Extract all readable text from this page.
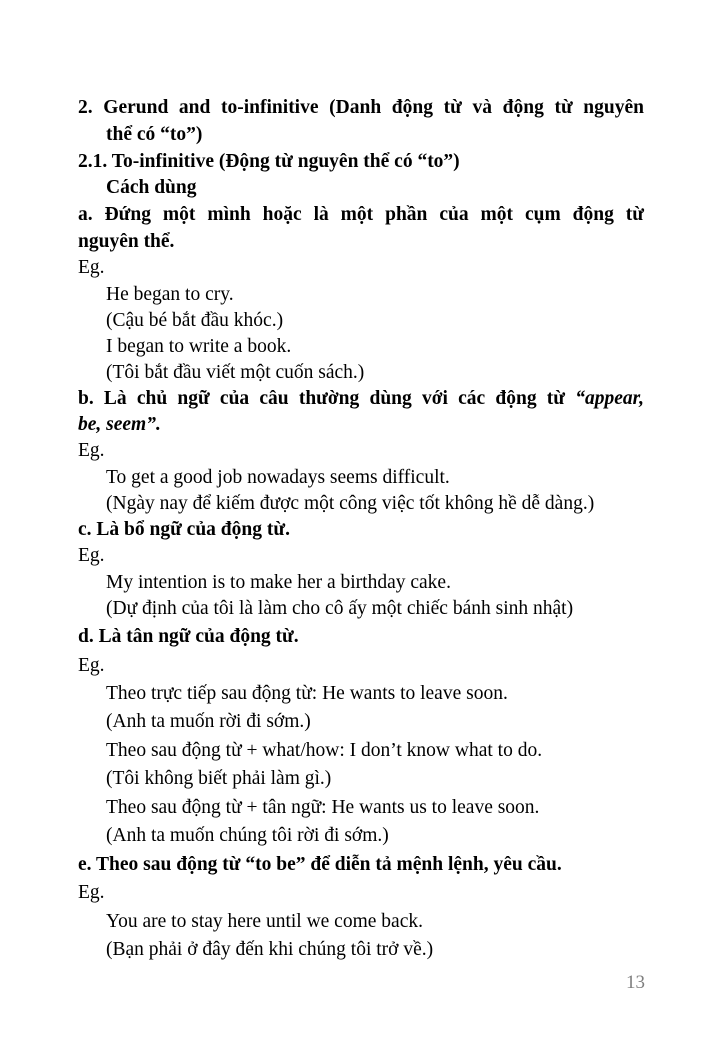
2. Gerund and to-infinitive (Danh động từ và động từ nguyên
thể có “to”)
2.1. To-infinitive (Động từ nguyên thể có “to”)
Cách dùng
a. Đứng một mình hoặc là một phần của một cụm động từ
nguyên thể.
Eg.
He began to cry.
(Cậu bé bắt đầu khóc.)
I began to write a book.
(Tôi bắt đầu viết một cuốn sách.)
b. Là chủ ngữ của câu thường dùng với các động từ “appear,
be, seem”.
Eg.
To get a good job nowadays seems difficult.
(Ngày nay để kiếm được một công việc tốt không hề dễ dàng.)
c. Là bổ ngữ của động từ.
Eg.
My intention is to make her a birthday cake.
(Dự định của tôi là làm cho cô ấy một chiếc bánh sinh nhật)
d. Là tân ngữ của động từ.
Eg.
Theo trực tiếp sau động từ: He wants to leave soon.
(Anh ta muốn rời đi sớm.)
Theo sau động từ + what/how: I don’t know what to do.
(Tôi không biết phải làm gì.)
Theo sau động từ + tân ngữ: He wants us to leave soon.
(Anh ta muốn chúng tôi rời đi sớm.)
e. Theo sau động từ “to be” để diễn tả mệnh lệnh, yêu cầu.
Eg.
You are to stay here until we come back.
(Bạn phải ở đây đến khi chúng tôi trở về.)
13
